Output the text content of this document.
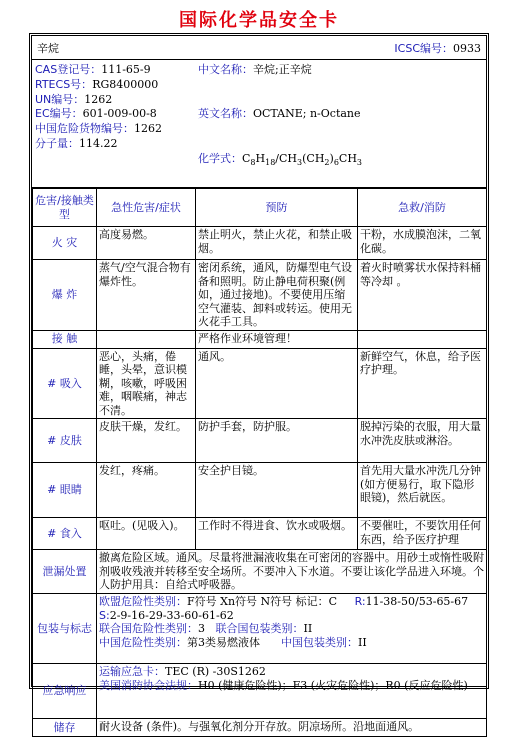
国际化学品安全卡
辛烷	ICSC编号：0933
CAS登记号：111-65-9
RTECS号：RG8400000
UN编号：1262
EC编号：601-009-00-8
中国危险货物编号：1262
分子量：114.22
中文名称：辛烷;正辛烷
英文名称：OCTANE; n-Octane
化学式：$C_8H_{18}/CH_3(CH_2)_6CH_3$
危害/接触类型	急性危害/症状	预防	急救/消防
火 灾	高度易燃。	禁止明火，禁止火花，和禁止吸烟。	干粉，水成膜泡沫，二氧化碳。
爆 炸	蒸气/空气混合物有爆炸性。	密闭系统，通风，防爆型电气设备和照明。防止静电荷积聚(例如，通过接地)。不要使用压缩空气灌装、卸料或转运。使用无火花手工具。	着火时喷雾状水保持料桶等冷却 。
接 触		严格作业环境管理！	
# 吸入	恶心，头痛，倦睡，头晕，意识模糊，咳嗽，呼吸困难，咽喉痛，神志不清。	通风。	新鲜空气，休息，给予医疗护理。
# 皮肤	皮肤干燥，发红。	防护手套，防护服。	脱掉污染的衣服，用大量水冲洗皮肤或淋浴。
# 眼睛	发红，疼痛。	安全护目镜。	首先用大量水冲洗几分钟(如方便易行，取下隐形眼镜)，然后就医。
# 食入	呕吐。(见吸入)。	工作时不得进食、饮水或吸烟。	不要催吐，不要饮用任何东西，给予医疗护理
泄漏处置	撤离危险区域。通风。尽量将泄漏液收集在可密闭的容器中。用砂土或惰性吸附剂吸收残液并转移至安全场所。不要冲入下水道。不要让该化学品进入环境。个人防护用具：自给式呼吸器。		
包装与标志	欧盟危险性类别：F符号 Xn符号 N符号 标记：C R:11-38-50/53-65-67
S:2-9-16-29-33-60-61-62
联合国危险性类别：3 联合国包装类别：II
中国危险性类别：第3类易燃液体 中国包装类别：II		

应急响应	运输应急卡：TEC (R) -30S1262
美国消防协会法规：H0 (健康危险性)；F3 (火灾危险性)；R0 (反应危险性)		

储存	耐火设备 (条件)。与强氧化剂分开存放。阴凉场所。沿地面通风。		
